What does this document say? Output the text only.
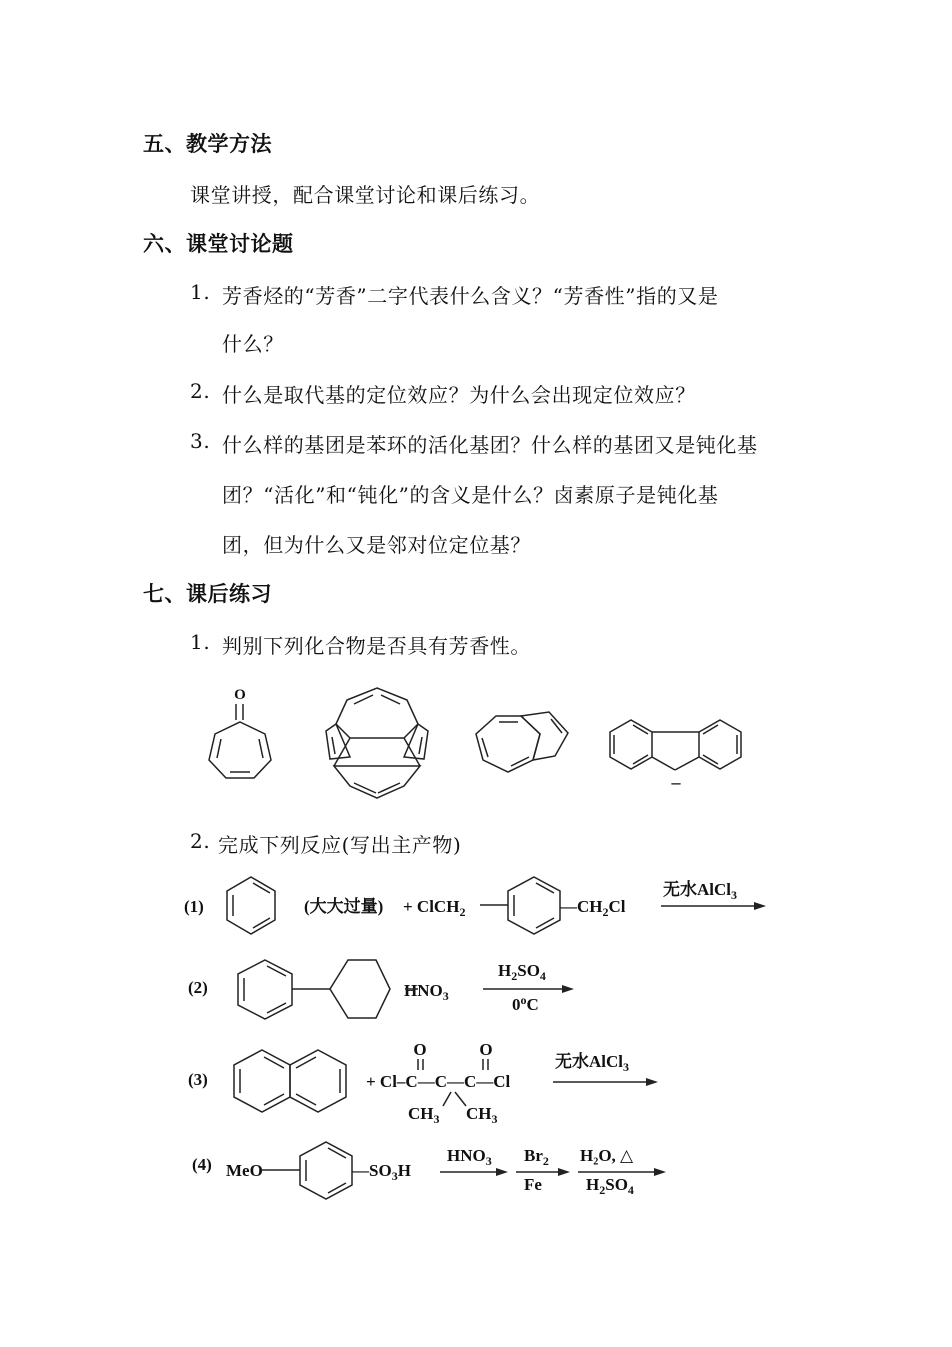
五、教学方法
课堂讲授，配合课堂讨论和课后练习。
六、课堂讨论题
1. 芳香烃的“芳香”二字代表什么含义？“芳香性”指的又是
什么？
2. 什么是取代基的定位效应？为什么会出现定位效应？
3. 什么样的基团是苯环的活化基团？什么样的基团又是钝化基
团？“活化”和“钝化”的含义是什么？卤素原子是钝化基
团，但为什么又是邻对位定位基？
七、课后练习
1. 判别下列化合物是否具有芳香性。
O
–
(1)	(大大过量) + ClCH$_2$	$—CH_2Cl$
无水AlCl$_3$
(2)	$HNO_3$
$H_2SO_4$
0$^o$C
(3)
O	O
+ Cl–C—C—C—Cl
$CH_3$ $CH_3$
无水AlCl$_3$
(4) MeO	$—SO_3H$
$HNO_3$ $Br_2$
Fe
H₂O, △
$H_2SO_4$
2. 完成下列反应(写出主产物)
